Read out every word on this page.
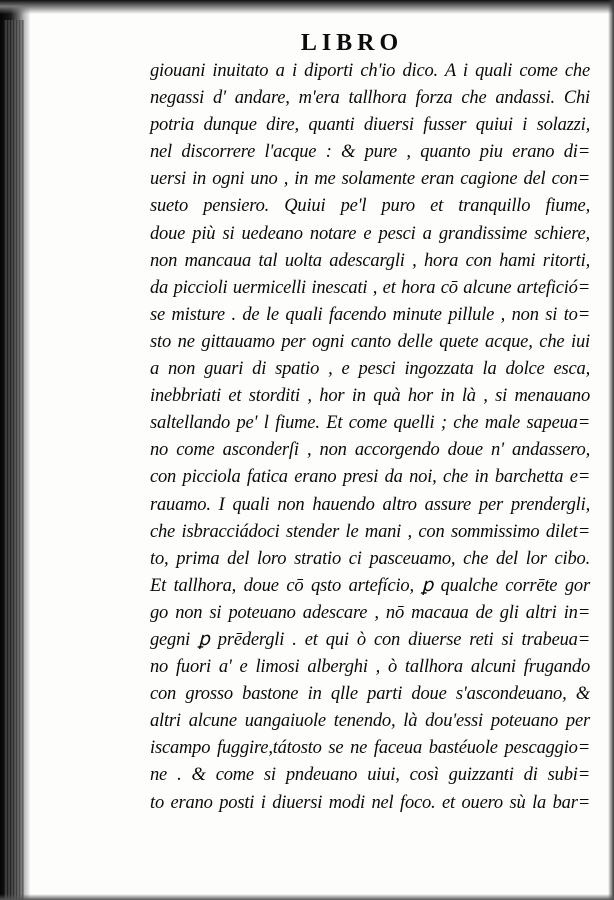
LIBRO
giouani inuitato a i diporti ch'io dico. A i quali come che
negassi d' andare, m'era tallhora forza che andassi. Chi
potria dunque dire, quanti diuersi fusser quiui i solazzi,
nel discorrere l'acque : & pure , quanto piu erano di=
uersi in ogni uno , in me solamente eran cagione del con=
sueto pensiero. Quiui pe'l puro et tranquillo fiume,
doue più si uedeano notare e pesci a grandissime schiere,
non mancaua tal uolta adescargli , hora con hami ritorti,
da piccioli uermicelli inescati , et hora cō alcune artefició=
se misture . de le quali facendo minute pillule , non si to=
sto ne gittauamo per ogni canto delle quete acque, che iui
a non guari di spatio , e pesci ingozzata la dolce esca,
inebbriati et storditi , hor in quà hor in là , si menauano
saltellando pe' l fiume. Et come quelli ; che male sapeua=
no come asconderſi , non accorgendo doue n' andassero,
con picciola fatica erano presi da noi, che in barchetta e=
rauamo. I quali non hauendo altro assure per prendergli,
che isbracciádoci stender le mani , con sommissimo dilet=
to, prima del loro stratio ci pasceuamo, che del lor cibo.
Et tallhora, doue cō qsto artefício, ꝑ qualche corrēte gor
go non si poteuano adescare , nō macaua de gli altri in=
gegni ꝑ prēdergli . et qui ò con diuerse reti si trabeua=
no fuori a' e limosi alberghi , ò tallhora alcuni frugando
con grosso bastone in qlle parti doue s'ascondeuano, &
altri alcune uangaiuole tenendo, là dou'essi poteuano per
iscampo fuggire,tátosto se ne faceua bastéuole pescaggio=
ne . & come si pndeuano uiui, così guizzanti di subi=
to erano posti i diuersi modi nel foco. et ouero sù la bar=
